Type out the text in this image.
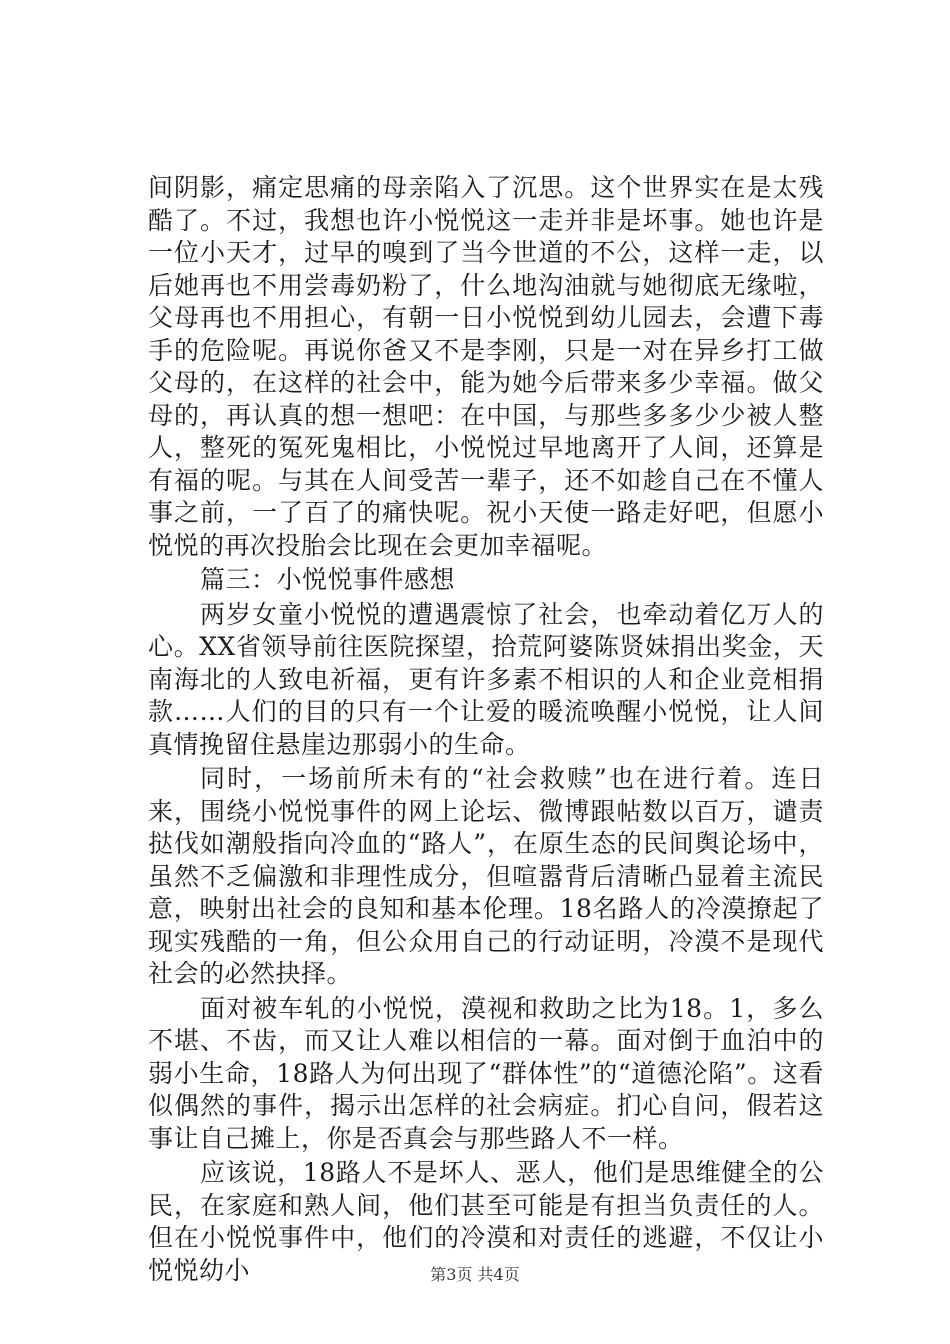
间阴影，痛定思痛的母亲陷入了沉思。这个世界实在是太残酷了。不过，我想也许小悦悦这一走并非是坏事。她也许是一位小天才，过早的嗅到了当今世道的不公，这样一走，以后她再也不用尝毒奶粉了，什么地沟油就与她彻底无缘啦，父母再也不用担心，有朝一日小悦悦到幼儿园去，会遭下毒手的危险呢。再说你爸又不是李刚，只是一对在异乡打工做父母的，在这样的社会中，能为她今后带来多少幸福。做父母的，再认真的想一想吧：在中国，与那些多多少少被人整人，整死的冤死鬼相比，小悦悦过早地离开了人间，还算是有福的呢。与其在人间受苦一辈子，还不如趁自己在不懂人事之前，一了百了的痛快呢。祝小天使一路走好吧，但愿小悦悦的再次投胎会比现在会更加幸福呢。

篇三：小悦悦事件感想

两岁女童小悦悦的遭遇震惊了社会，也牵动着亿万人的心。XX省领导前往医院探望，拾荒阿婆陈贤妹捐出奖金，天南海北的人致电祈福，更有许多素不相识的人和企业竞相捐款……人们的目的只有一个让爱的暖流唤醒小悦悦，让人间真情挽留住悬崖边那弱小的生命。

同时，一场前所未有的“社会救赎”也在进行着。连日来，围绕小悦悦事件的网上论坛、微博跟帖数以百万，谴责挞伐如潮般指向冷血的“路人”，在原生态的民间舆论场中，虽然不乏偏激和非理性成分，但喧嚣背后清晰凸显着主流民意，映射出社会的良知和基本伦理。18名路人的冷漠撩起了现实残酷的一角，但公众用自己的行动证明，冷漠不是现代社会的必然抉择。

面对被车轧的小悦悦，漠视和救助之比为18。1，多么不堪、不齿，而又让人难以相信的一幕。面对倒于血泊中的弱小生命，18路人为何出现了“群体性”的“道德沦陷”。这看似偶然的事件，揭示出怎样的社会病症。扪心自问，假若这事让自己摊上，你是否真会与那些路人不一样。

应该说，18路人不是坏人、恶人，他们是思维健全的公民，在家庭和熟人间，他们甚至可能是有担当负责任的人。但在小悦悦事件中，他们的冷漠和对责任的逃避，不仅让小悦悦幼小	第3页 共4页
